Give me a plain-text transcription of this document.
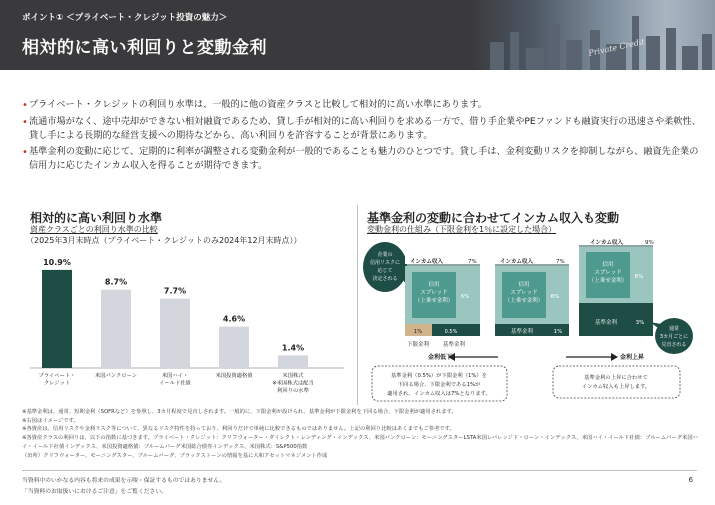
Private Credit
ポイント① ＜プライベート・クレジット投資の魅力＞
相対的に高い利回りと変動金利

• プライベート・クレジットの利回り水準は、一般的に他の資産クラスと比較して相対的に高い水準にあります。

• 流通市場がなく、途中売却ができない相対融資であるため、貸し手が相対的に高い利回りを求める一方で、借り手企業やPEファンドも融資実行の迅速さや柔軟性、貸し手による長期的な経営支援への期待などから、高い利回りを許容することが背景にあります。

• 基準金利の変動に応じて、定期的に利率が調整される変動金利が一般的であることも魅力のひとつです。貸し手は、金利変動リスクを抑制しながら、融資先企業の信用力に応じたインカム収入を得ることが期待できます。

相対的に高い利回り水準
資産クラスごとの利回り水準の比較
（2025年3月末時点（プライベート・クレジットのみ2024年12月末時点））
10.9%
プライベート・
クレジット
8.7%
米国バンクローン
7.7%
米国ハイ・
イールド社債
4.6%
米国投資適格債
1.4%
米国株式
※米国株式は配当
利回りの水準
基準金利の変動に合わせてインカム収入も変動
変動金利の仕組み（下限金利を1％に設定した場合）
企業の
信用リスクに
応じて
決定される
インカム収入	7%
信用
スプレッド
（上乗せ金利）
6%
1%	0.5%
下限金利	基準金利
インカム収入	7%
信用
スプレッド
（上乗せ金利）
6%
基準金利	1%
インカム収入	9%
信用
スプレッド
（上乗せ金利）
6%
基準金利	3%
通常
3カ月ごとに
見直される
金利低下	金利上昇
基準金利（0.5%）が下限金利（1%）を
下回る場合、下限金利である1%が
適用され、インカム収入は7%となります。
基準金利の上昇に合わせて
インカム収入も上昇します。
※基準金利は、通常、短期金利（SOFRなど）を参照し、3カ月程度で見直しされます。一般的に、下限金利が設けられ、基準金利が下限金利を下回る場合、下限金利が適用されます。
※右図はイメージです。
※各資産は、信用リスクや金利リスク等について、異なるリスク特性を持っており、利回りだけで単純に比較できるものではありません。上記の利回り比較はあくまでもご参考です。
※各資産クラスの利回りは、以下の指数に基づきます。プライベート・クレジット：クリフウォーター・ダイレクト・レンディング・インデックス、米国バンクローン：モーニングスターLSTA米国レバレッジド・ローン・インデックス、米国ハイ・イールド社債：ブルームバーグ米国ハイ・イールド社債インデックス、米国投資適格債：ブルームバーグ米国総合債券インデックス、米国株式：S&P500指数
（出所）クリフウォーター、モーニングスター、ブルームバーグ、ブラックストーンの情報を基に大和アセットマネジメント作成
当資料中のいかなる内容も将来の成果を示唆・保証するものではありません。
「当資料のお取扱いにおけるご注意」をご覧ください。
6
